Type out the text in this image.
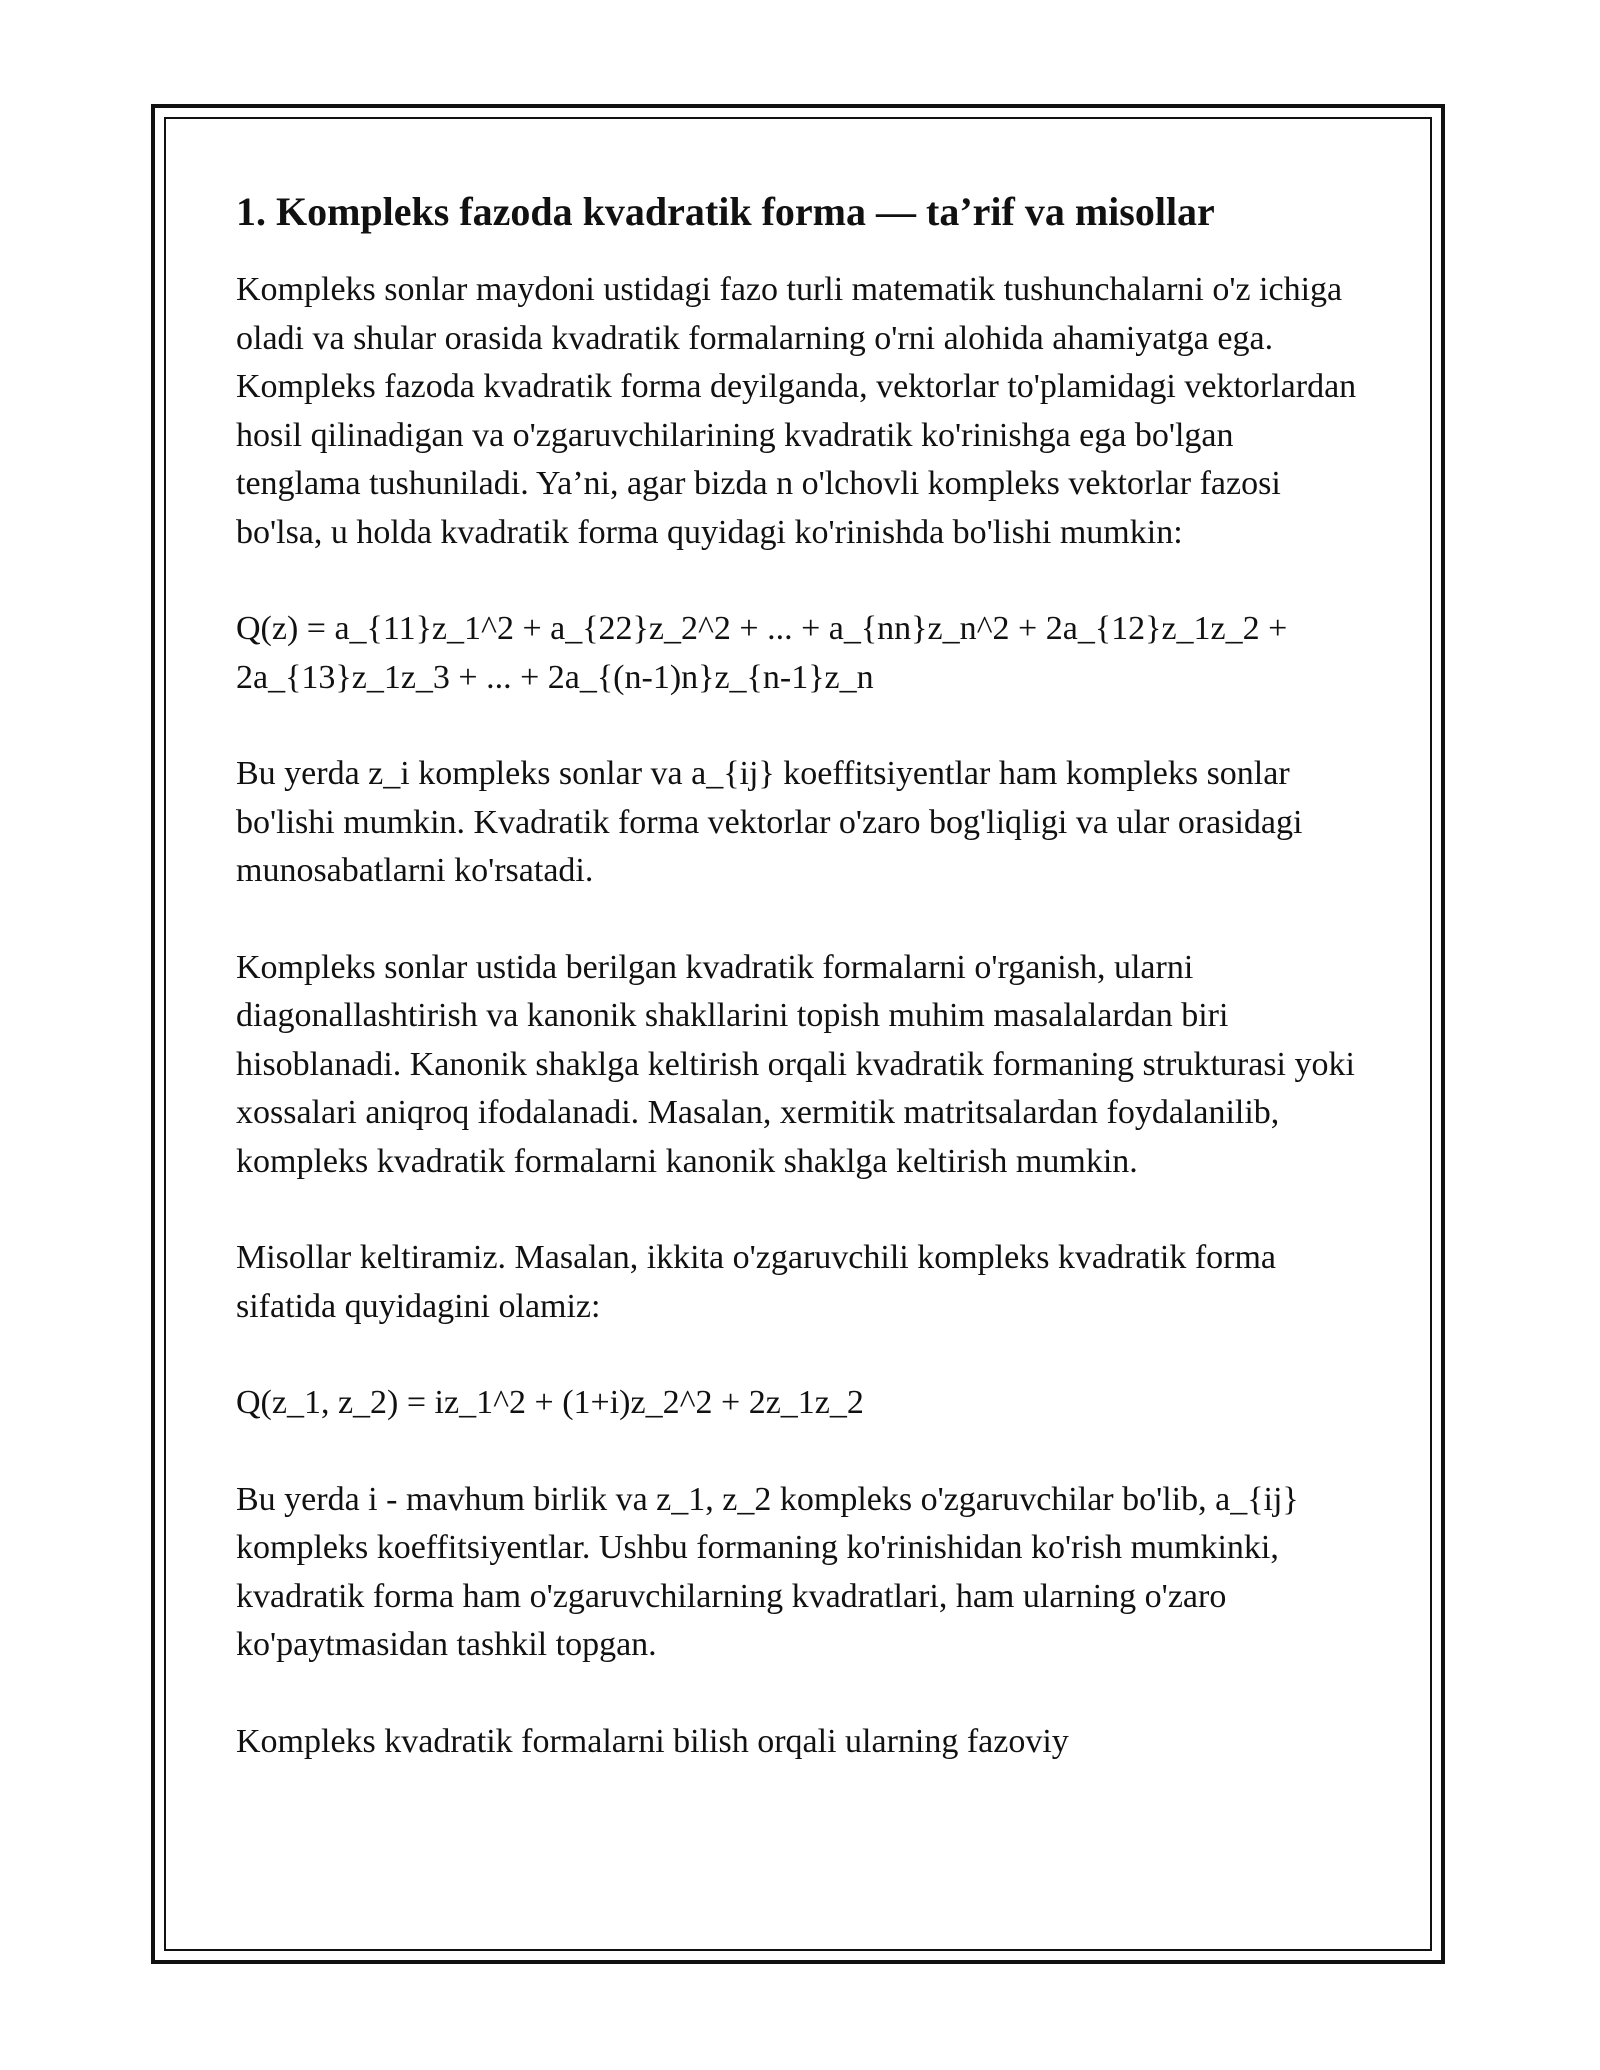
1. Kompleks fazoda kvadratik forma — ta’rif va misollar

Kompleks sonlar maydoni ustidagi fazo turli matematik tushunchalarni o'z ichiga oladi va shular orasida kvadratik formalarning o'rni alohida ahamiyatga ega. Kompleks fazoda kvadratik forma deyilganda, vektorlar to'plamidagi vektorlardan hosil qilinadigan va o'zgaruvchilarining kvadratik ko'rinishga ega bo'lgan tenglama tushuniladi. Ya’ni, agar bizda n o'lchovli kompleks vektorlar fazosi bo'lsa, u holda kvadratik forma quyidagi ko'rinishda bo'lishi mumkin:

Q(z) = a_{11}z_1^2 + a_{22}z_2^2 + ... + a_{nn}z_n^2 + 2a_{12}z_1z_2 + 2a_{13}z_1z_3 + ... + 2a_{(n-1)n}z_{n-1}z_n

Bu yerda z_i kompleks sonlar va a_{ij} koeffitsiyentlar ham kompleks sonlar bo'lishi mumkin. Kvadratik forma vektorlar o'zaro bog'liqligi va ular orasidagi munosabatlarni ko'rsatadi.

Kompleks sonlar ustida berilgan kvadratik formalarni o'rganish, ularni diagonallashtirish va kanonik shakllarini topish muhim masalalardan biri hisoblanadi. Kanonik shaklga keltirish orqali kvadratik formaning strukturasi yoki xossalari aniqroq ifodalanadi. Masalan, xermitik matritsalardan foydalanilib, kompleks kvadratik formalarni kanonik shaklga keltirish mumkin.

Misollar keltiramiz. Masalan, ikkita o'zgaruvchili kompleks kvadratik forma sifatida quyidagini olamiz:

Q(z_1, z_2) = iz_1^2 + (1+i)z_2^2 + 2z_1z_2

Bu yerda i - mavhum birlik va z_1, z_2 kompleks o'zgaruvchilar bo'lib, a_{ij} kompleks koeffitsiyentlar. Ushbu formaning ko'rinishidan ko'rish mumkinki, kvadratik forma ham o'zgaruvchilarning kvadratlari, ham ularning o'zaro ko'paytmasidan tashkil topgan.

Kompleks kvadratik formalarni bilish orqali ularning fazoviy
